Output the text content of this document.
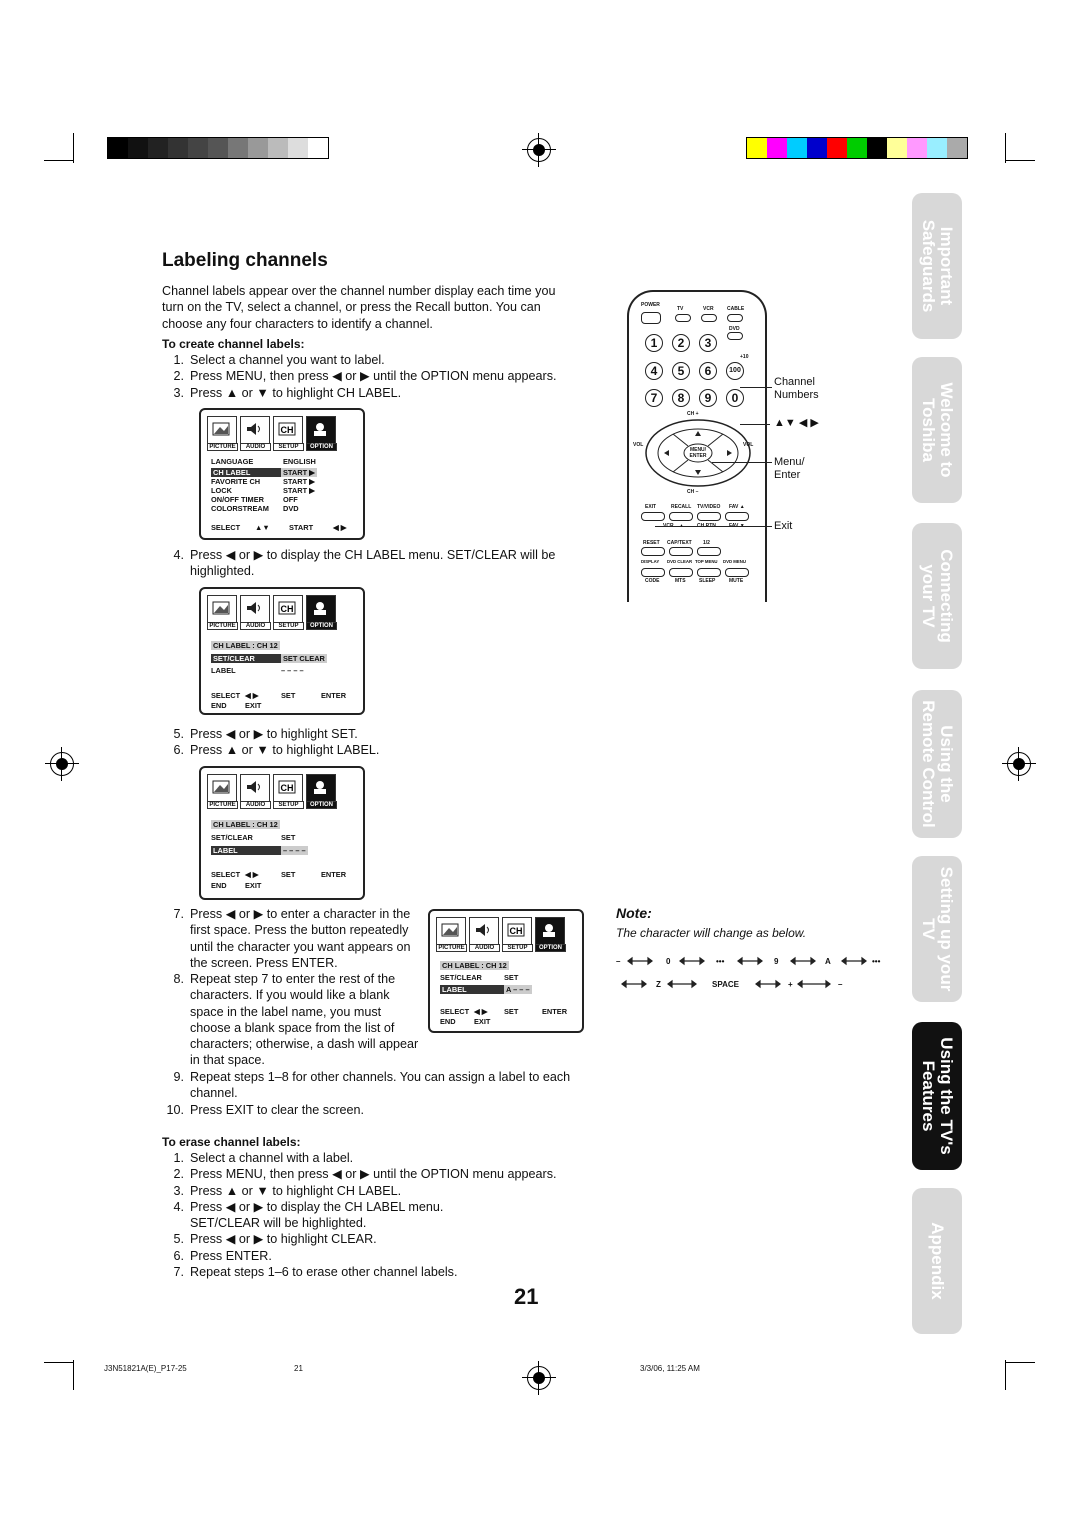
Labeling channels

Channel labels appear over the channel number display each time you turn on the TV, select a channel, or press the Recall button. You can choose any four characters to identify a channel.

To create channel labels:
1. Select a channel you want to label.
2. Press MENU, then press ◀ or ▶ until the OPTION menu appears.
3. Press ▲ or ▼ to highlight CH LABEL.
CH
PICTURE	AUDIO	SETUP	OPTION
LANGUAGE	ENGLISH
CH LABEL	START ▶
FAVORITE CH	START ▶
LOCK	START ▶
ON/OFF TIMER	OFF
COLORSTREAM DVD
SELECT ▲▼	START	◀ ▶
4. Press ◀ or ▶ to display the CH LABEL menu. SET/CLEAR will be highlighted.
CH
PICTURE	AUDIO	SETUP	OPTION
CH LABEL : CH 12
SET/CLEAR	SET CLEAR
LABEL	– – – –
SELECT ◀ ▶	SET	ENTER
END EXIT
5. Press ◀ or ▶ to highlight SET.
6. Press ▲ or ▼ to highlight LABEL.
CH
PICTURE	AUDIO	SETUP	OPTION
CH LABEL : CH 12
SET/CLEAR	SET
LABEL	– – – –
SELECT ◀ ▶	SET	ENTER
END EXIT
7. Press ◀ or ▶ to enter a character in the first space. Press the button repeatedly until the character you want appears on the screen. Press ENTER.
8. Repeat step 7 to enter the rest of the characters. If you would like a blank space in the label name, you must choose a blank space from the list of characters; otherwise, a dash will appear in that space.
9. Repeat steps 1–8 for other channels. You can assign a label to each channel.
10. Press EXIT to clear the screen.
CH
PICTURE	AUDIO	SETUP	OPTION
CH LABEL : CH 12
SET/CLEAR	SET
LABEL	A – – –
SELECT ◀ ▶ SET	ENTER
END EXIT
To erase channel labels:
1. Select a channel with a label.
2. Press MENU, then press ◀ or ▶ until the OPTION menu appears.
3. Press ▲ or ▼ to highlight CH LABEL.
4. Press ◀ or ▶ to display the CH LABEL menu. SET/CLEAR will be highlighted.
5. Press ◀ or ▶ to highlight CLEAR.
6. Press ENTER.
7. Repeat steps 1–6 to erase other channel labels.
POWER
TV	VCR	CABLE
DVD
1	2	3
4	5	6	100
+10
7	8	9	0
CH +
VOL	VOL
MENU/ ENTER
CH –
EXIT	RECALL TV/VIDEO FAV ▲
RESET CAP/TEXT 1/2
DISPLAY DVD CLEAR TOP MENU DVD MENU
CODE	MTS	SLEEP	MUTE
Channel Numbers
▲▼ ◀ ▶
Menu/ Enter
Exit
Note:
The character will change as below.
–	0	•••	9	A	•••
Z	SPACE	+	–
Important Safeguards
Welcome to Toshiba
Connecting your TV
Using the Remote Control
Setting up your TV
Using the TV's Features
Appendix
21
J3N51821A(E)_P17-25	21	3/3/06, 11:25 AM
